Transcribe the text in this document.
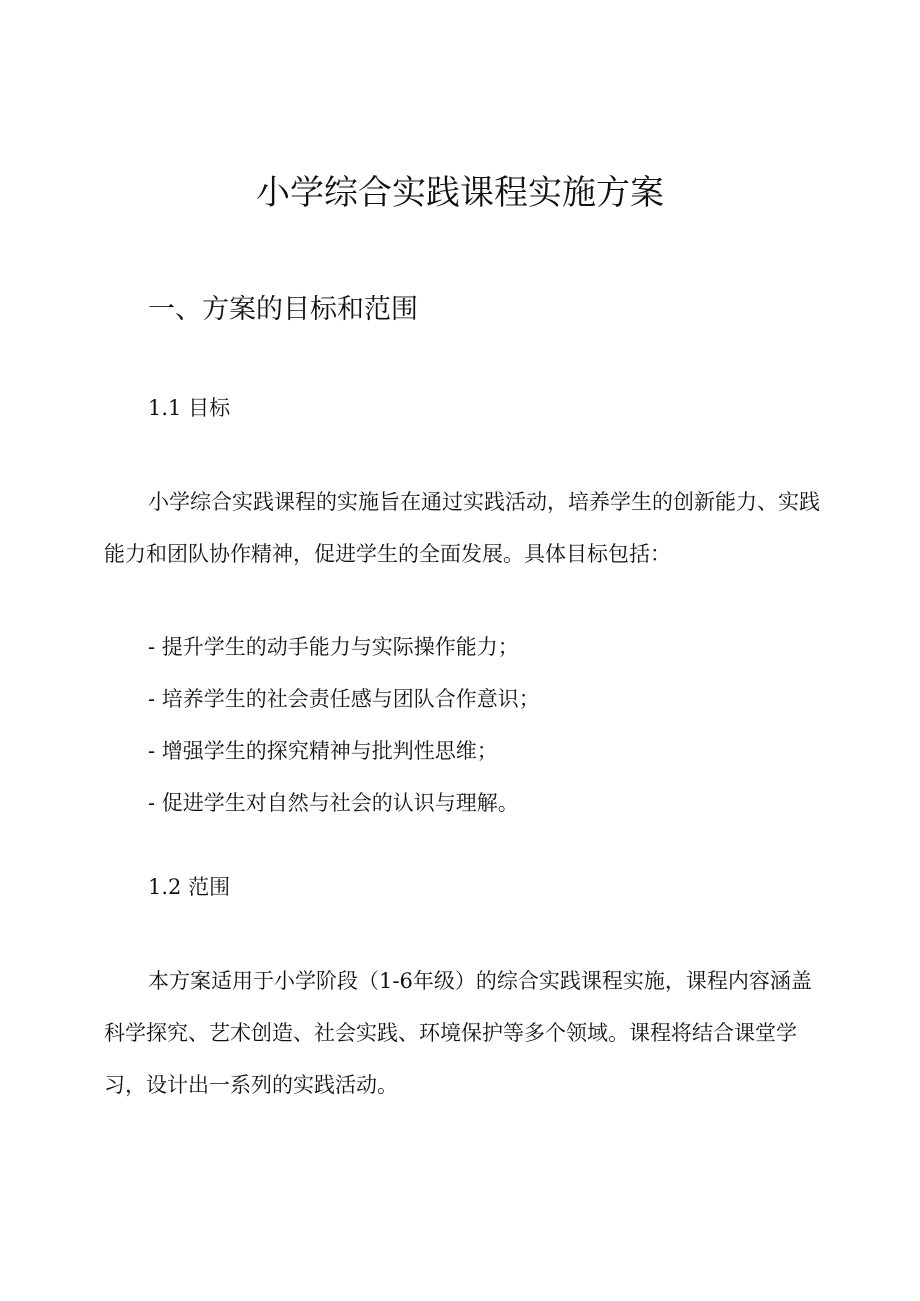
小学综合实践课程实施方案
一、方案的目标和范围
1.1 目标

小学综合实践课程的实施旨在通过实践活动，培养学生的创新能力、实践能力和团队协作精神，促进学生的全面发展。具体目标包括：

- 提升学生的动手能力与实际操作能力；
- 培养学生的社会责任感与团队合作意识；
- 增强学生的探究精神与批判性思维；
- 促进学生对自然与社会的认识与理解。
1.2 范围

本方案适用于小学阶段（1-6年级）的综合实践课程实施，课程内容涵盖科学探究、艺术创造、社会实践、环境保护等多个领域。课程将结合课堂学习，设计出一系列的实践活动。
